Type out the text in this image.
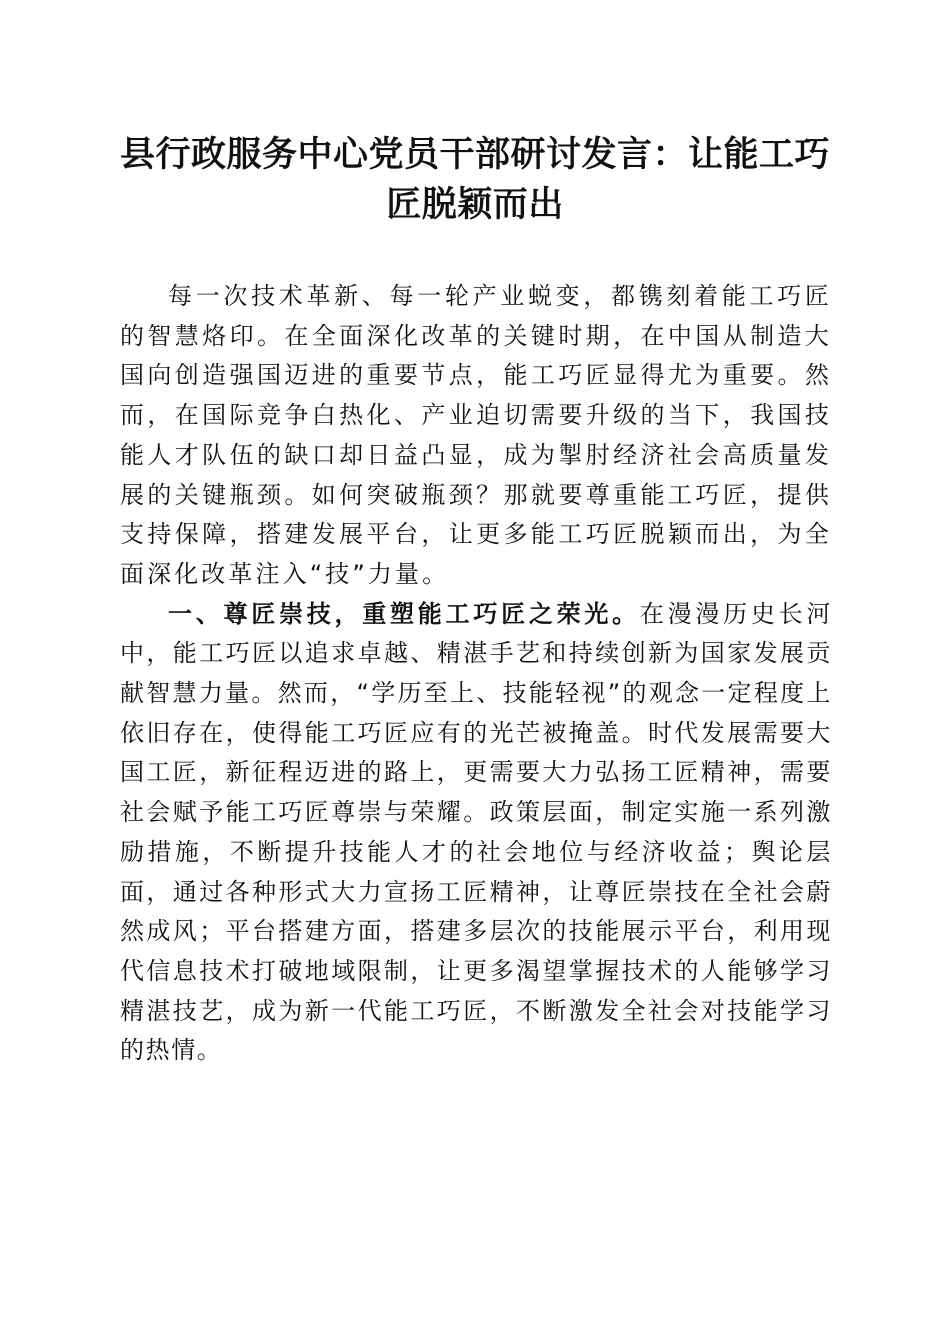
县行政服务中心党员干部研讨发言：让能工巧
匠脱颖而出

每一次技术革新、每一轮产业蜕变，都镌刻着能工巧匠的智慧烙印。在全面深化改革的关键时期，在中国从制造大国向创造强国迈进的重要节点，能工巧匠显得尤为重要。然而，在国际竞争白热化、产业迫切需要升级的当下，我国技能人才队伍的缺口却日益凸显，成为掣肘经济社会高质量发展的关键瓶颈。如何突破瓶颈？那就要尊重能工巧匠，提供支持保障，搭建发展平台，让更多能工巧匠脱颖而出，为全面深化改革注入“技”力量。

一、尊匠崇技，重塑能工巧匠之荣光。在漫漫历史长河中，能工巧匠以追求卓越、精湛手艺和持续创新为国家发展贡献智慧力量。然而，“学历至上、技能轻视”的观念一定程度上依旧存在，使得能工巧匠应有的光芒被掩盖。时代发展需要大国工匠，新征程迈进的路上，更需要大力弘扬工匠精神，需要社会赋予能工巧匠尊崇与荣耀。政策层面，制定实施一系列激励措施，不断提升技能人才的社会地位与经济收益；舆论层面，通过各种形式大力宣扬工匠精神，让尊匠崇技在全社会蔚然成风；平台搭建方面，搭建多层次的技能展示平台，利用现代信息技术打破地域限制，让更多渴望掌握技术的人能够学习精湛技艺，成为新一代能工巧匠，不断激发全社会对技能学习的热情。
